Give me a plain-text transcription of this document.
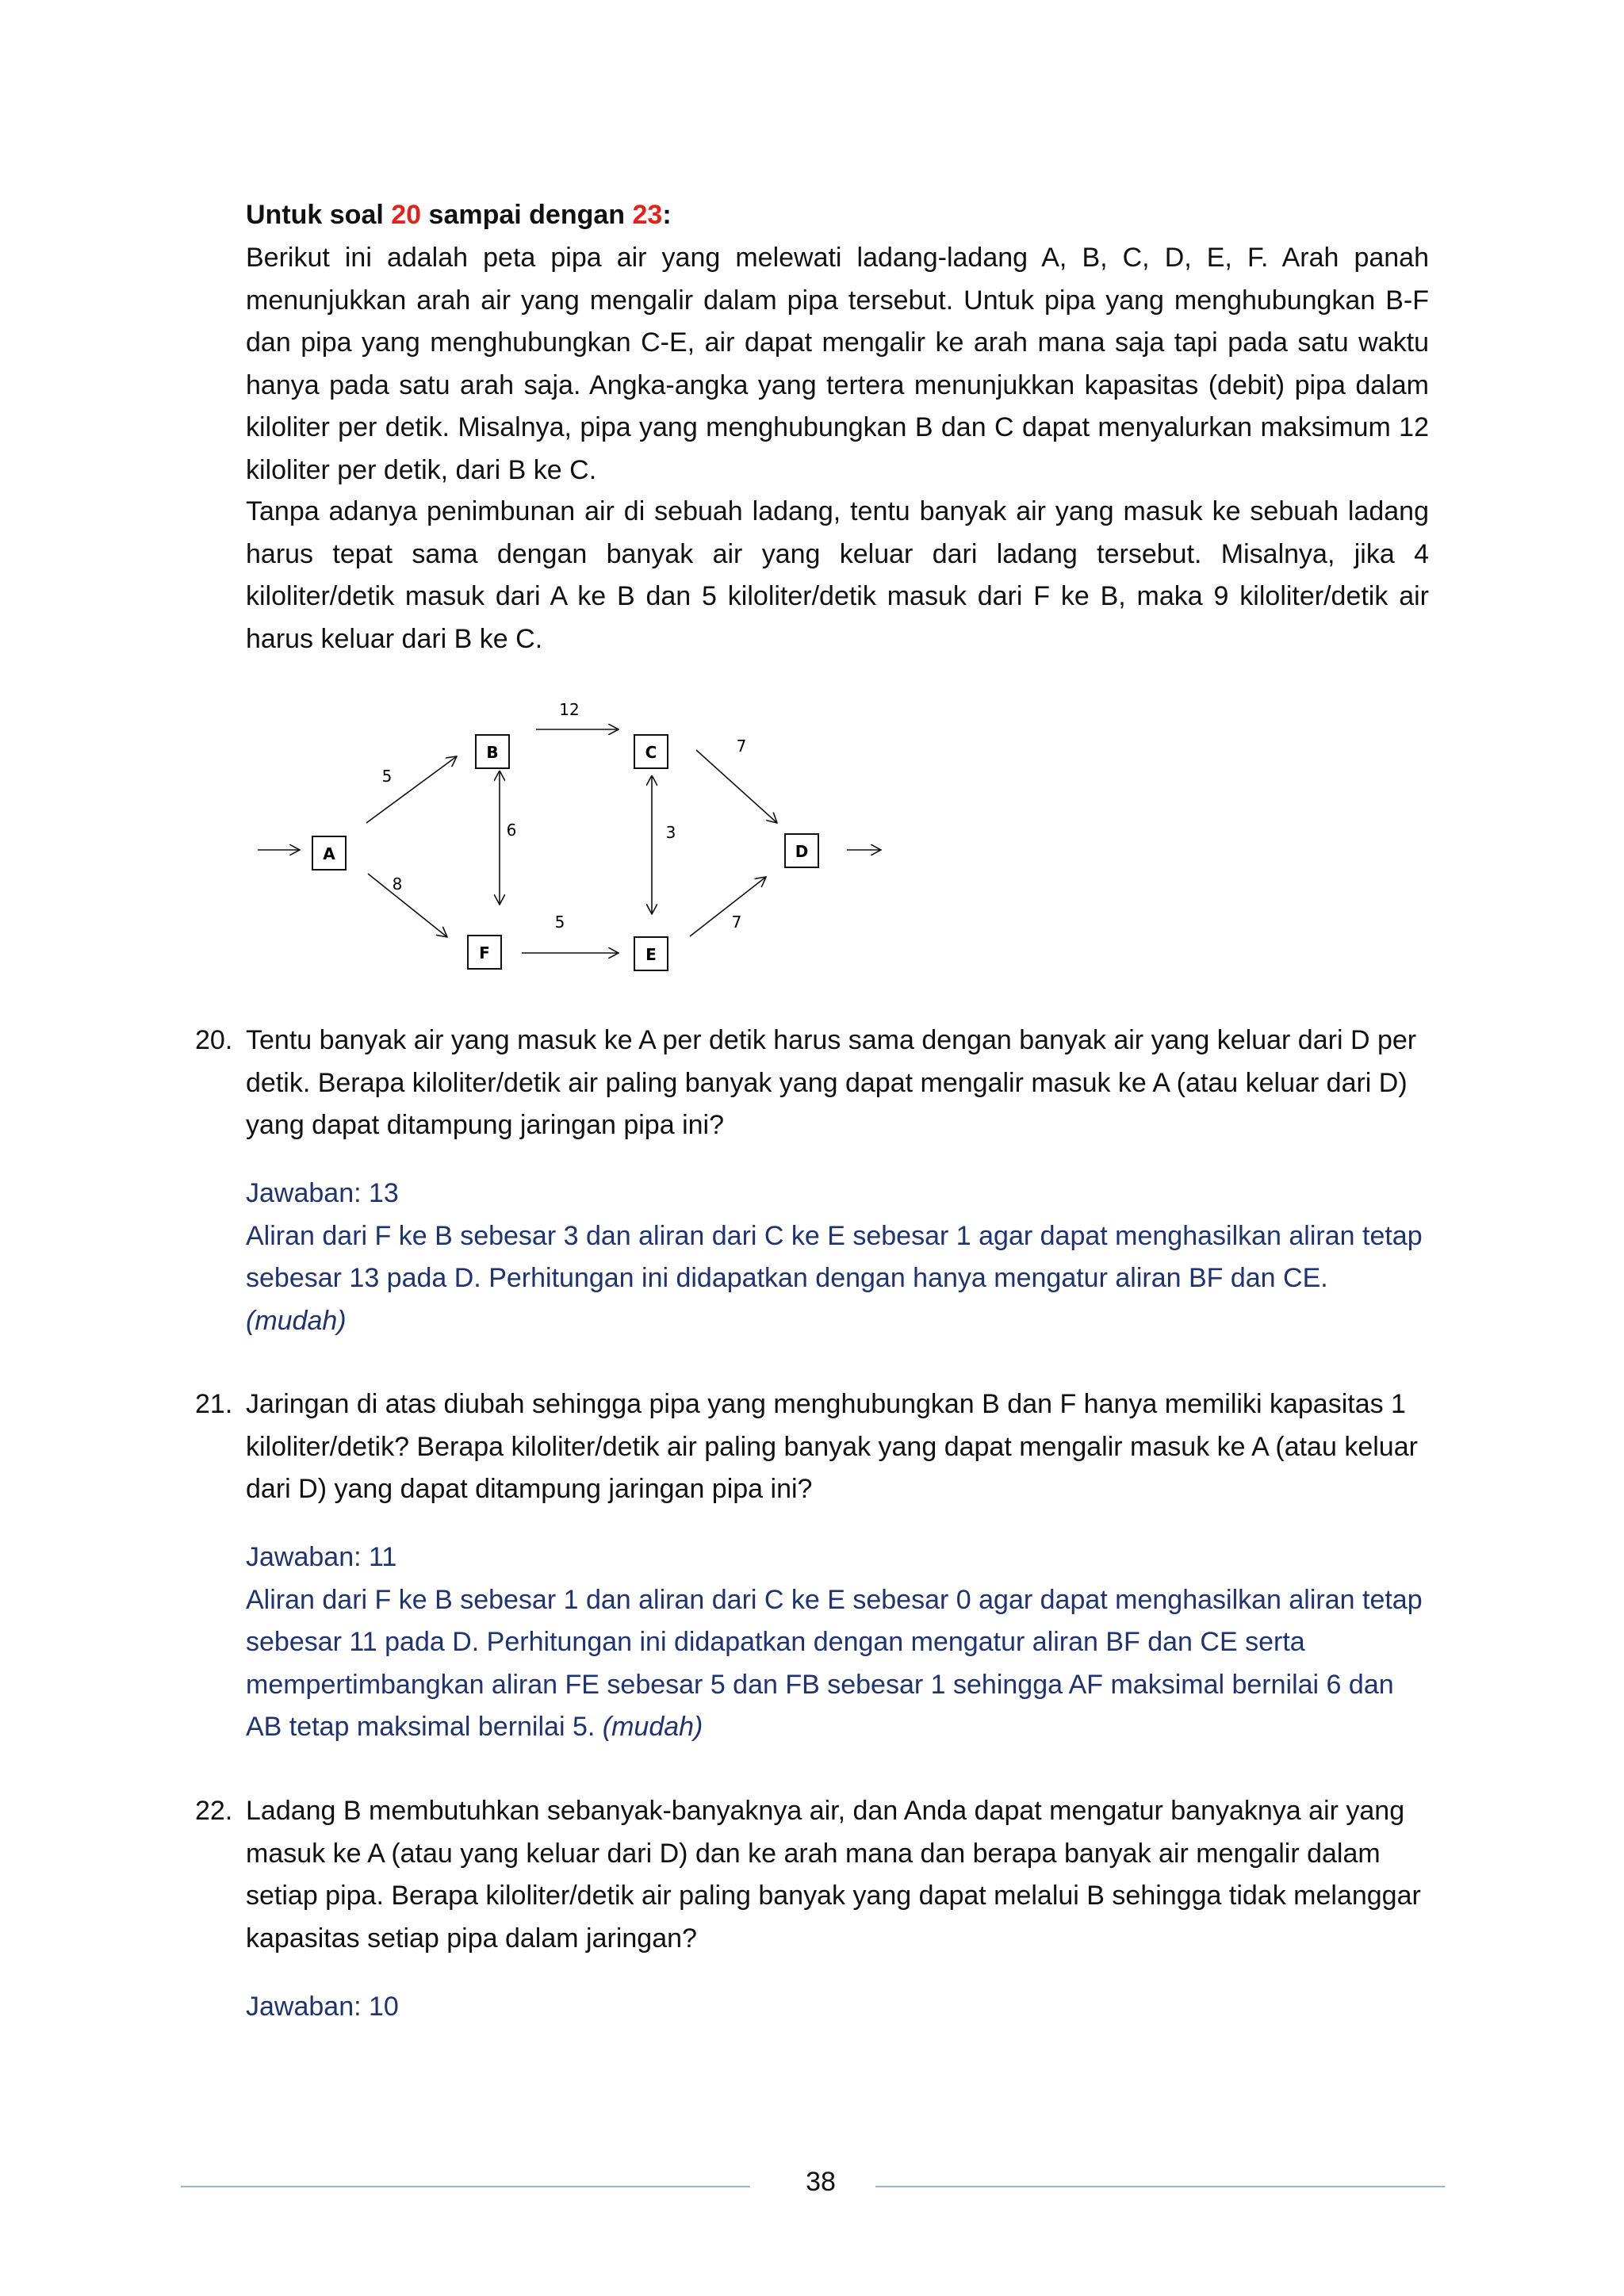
Untuk soal 20 sampai dengan 23:
Berikut ini adalah peta pipa air yang melewati ladang-ladang A, B, C, D, E, F. Arah panah menunjukkan arah air yang mengalir dalam pipa tersebut. Untuk pipa yang menghubungkan B-F dan pipa yang menghubungkan C-E, air dapat mengalir ke arah mana saja tapi pada satu waktu hanya pada satu arah saja. Angka-angka yang tertera menunjukkan kapasitas (debit) pipa dalam kiloliter per detik. Misalnya, pipa yang menghubungkan B dan C dapat menyalurkan maksimum 12 kiloliter per detik, dari B ke C.
Tanpa adanya penimbunan air di sebuah ladang, tentu banyak air yang masuk ke sebuah ladang harus tepat sama dengan banyak air yang keluar dari ladang tersebut. Misalnya, jika 4 kiloliter/detik masuk dari A ke B dan 5 kiloliter/detik masuk dari F ke B, maka 9 kiloliter/detik air harus keluar dari B ke C.
A
B	C
D
E
F
5
8
12
6	3
7
5	7
20. Tentu banyak air yang masuk ke A per detik harus sama dengan banyak air yang keluar dari D per detik. Berapa kiloliter/detik air paling banyak yang dapat mengalir masuk ke A (atau keluar dari D) yang dapat ditampung jaringan pipa ini?

Jawaban: 13

Aliran dari F ke B sebesar 3 dan aliran dari C ke E sebesar 1 agar dapat menghasilkan aliran tetap sebesar 13 pada D. Perhitungan ini didapatkan dengan hanya mengatur aliran BF dan CE.

(mudah)

21. Jaringan di atas diubah sehingga pipa yang menghubungkan B dan F hanya memiliki kapasitas 1 kiloliter/detik? Berapa kiloliter/detik air paling banyak yang dapat mengalir masuk ke A (atau keluar dari D) yang dapat ditampung jaringan pipa ini?

Jawaban: 11

Aliran dari F ke B sebesar 1 dan aliran dari C ke E sebesar 0 agar dapat menghasilkan aliran tetap sebesar 11 pada D. Perhitungan ini didapatkan dengan mengatur aliran BF dan CE serta mempertimbangkan aliran FE sebesar 5 dan FB sebesar 1 sehingga AF maksimal bernilai 6 dan AB tetap maksimal bernilai 5. (mudah)

22. Ladang B membutuhkan sebanyak-banyaknya air, dan Anda dapat mengatur banyaknya air yang masuk ke A (atau yang keluar dari D) dan ke arah mana dan berapa banyak air mengalir dalam setiap pipa. Berapa kiloliter/detik air paling banyak yang dapat melalui B sehingga tidak melanggar kapasitas setiap pipa dalam jaringan?

Jawaban: 10

38
